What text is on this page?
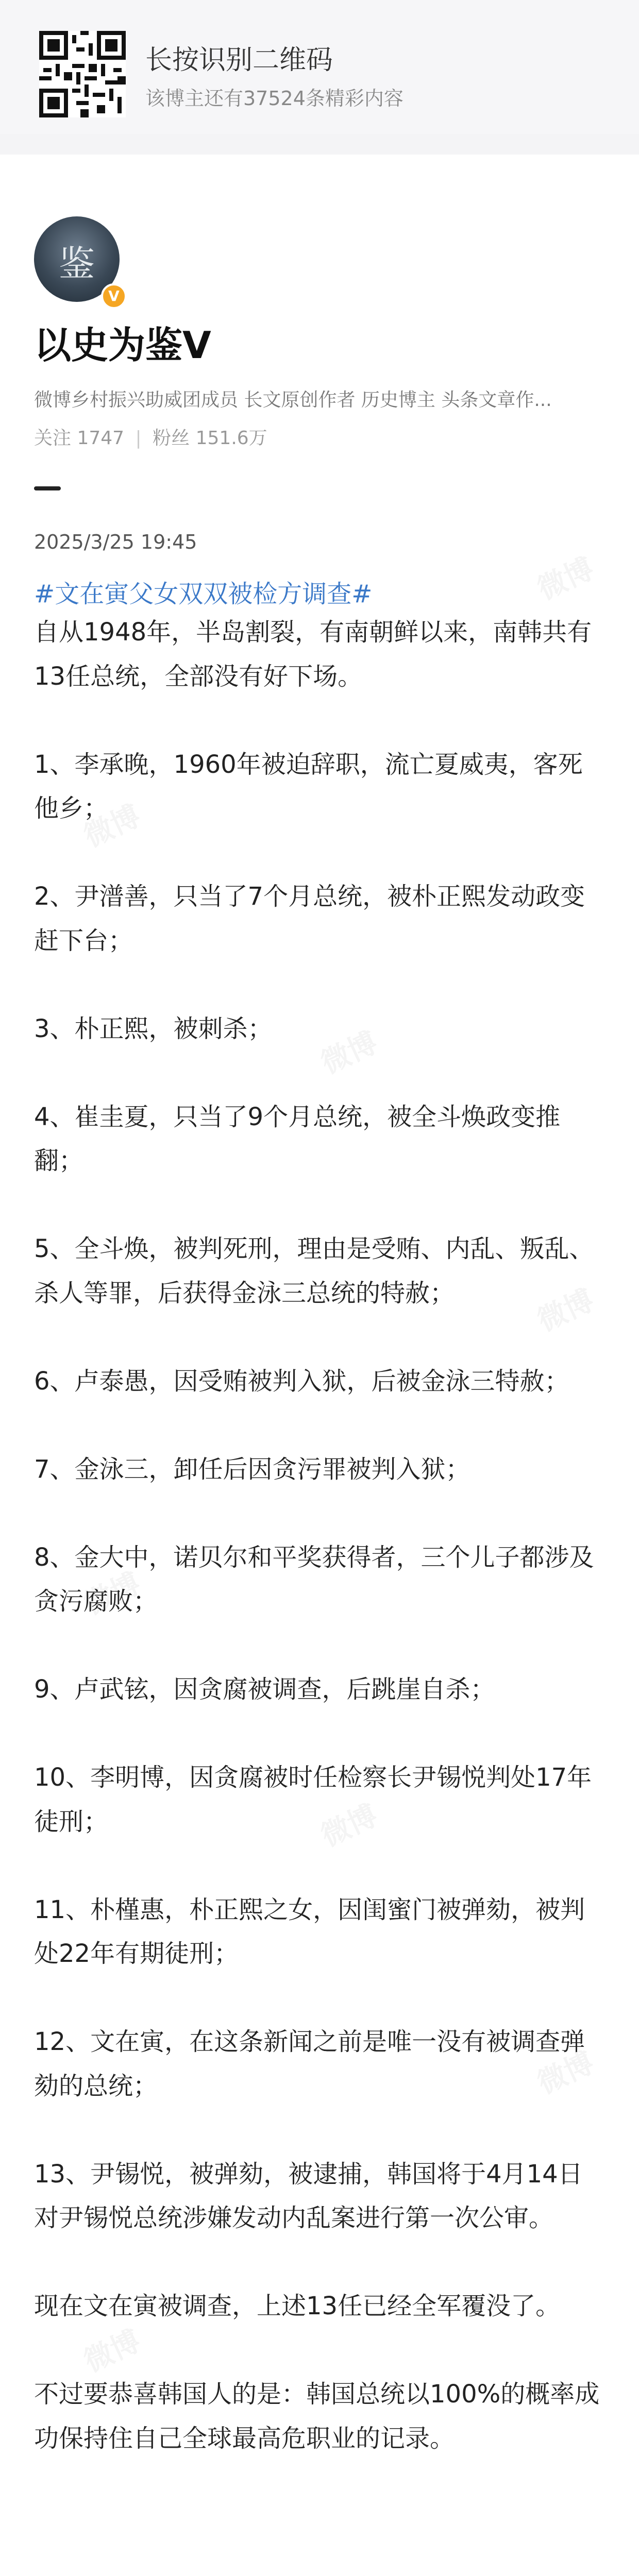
长按识别二维码
该博主还有37524条精彩内容
鉴
V
以史为鉴V
微博乡村振兴助威团成员 长文原创作者 历史博主 头条文章作...
关注 1747 | 粉丝 151.6万
2025/3/25 19:45
#文在寅父女双双被检方调查#

自从1948年，半岛割裂，有南朝鲜以来，南韩共有13任总统，全部没有好下场。

1、李承晚，1960年被迫辞职，流亡夏威夷，客死他乡；

2、尹潽善，只当了7个月总统，被朴正熙发动政变赶下台；

3、朴正熙，被刺杀；

4、崔圭夏，只当了9个月总统，被全斗焕政变推翻；

5、全斗焕，被判死刑，理由是受贿、内乱、叛乱、杀人等罪，后获得金泳三总统的特赦；

6、卢泰愚，因受贿被判入狱，后被金泳三特赦；

7、金泳三，卸任后因贪污罪被判入狱；

8、金大中，诺贝尔和平奖获得者，三个儿子都涉及贪污腐败；

9、卢武铉，因贪腐被调查，后跳崖自杀；

10、李明博，因贪腐被时任检察长尹锡悦判处17年徒刑；

11、朴槿惠，朴正熙之女，因闺蜜门被弹劾，被判处22年有期徒刑；

12、文在寅，在这条新闻之前是唯一没有被调查弹劾的总统；

13、尹锡悦，被弹劾，被逮捕，韩国将于4月14日对尹锡悦总统涉嫌发动内乱案进行第一次公审。

现在文在寅被调查，上述13任已经全军覆没了。

不过要恭喜韩国人的是：韩国总统以100%的概率成功保持住自己全球最高危职业的记录。
